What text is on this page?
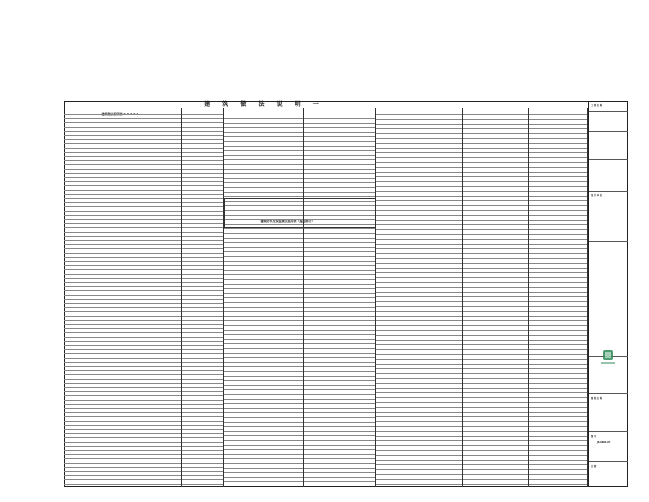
建 筑 做 法 说 明 一
建筑做法说明表 0.7.2.0.1
建筑防水及保温做法选用表（屋面部分）
工 程 名 称
设 计 单 位
图 纸 名 称
图 号
JS-0901-07
日 期
